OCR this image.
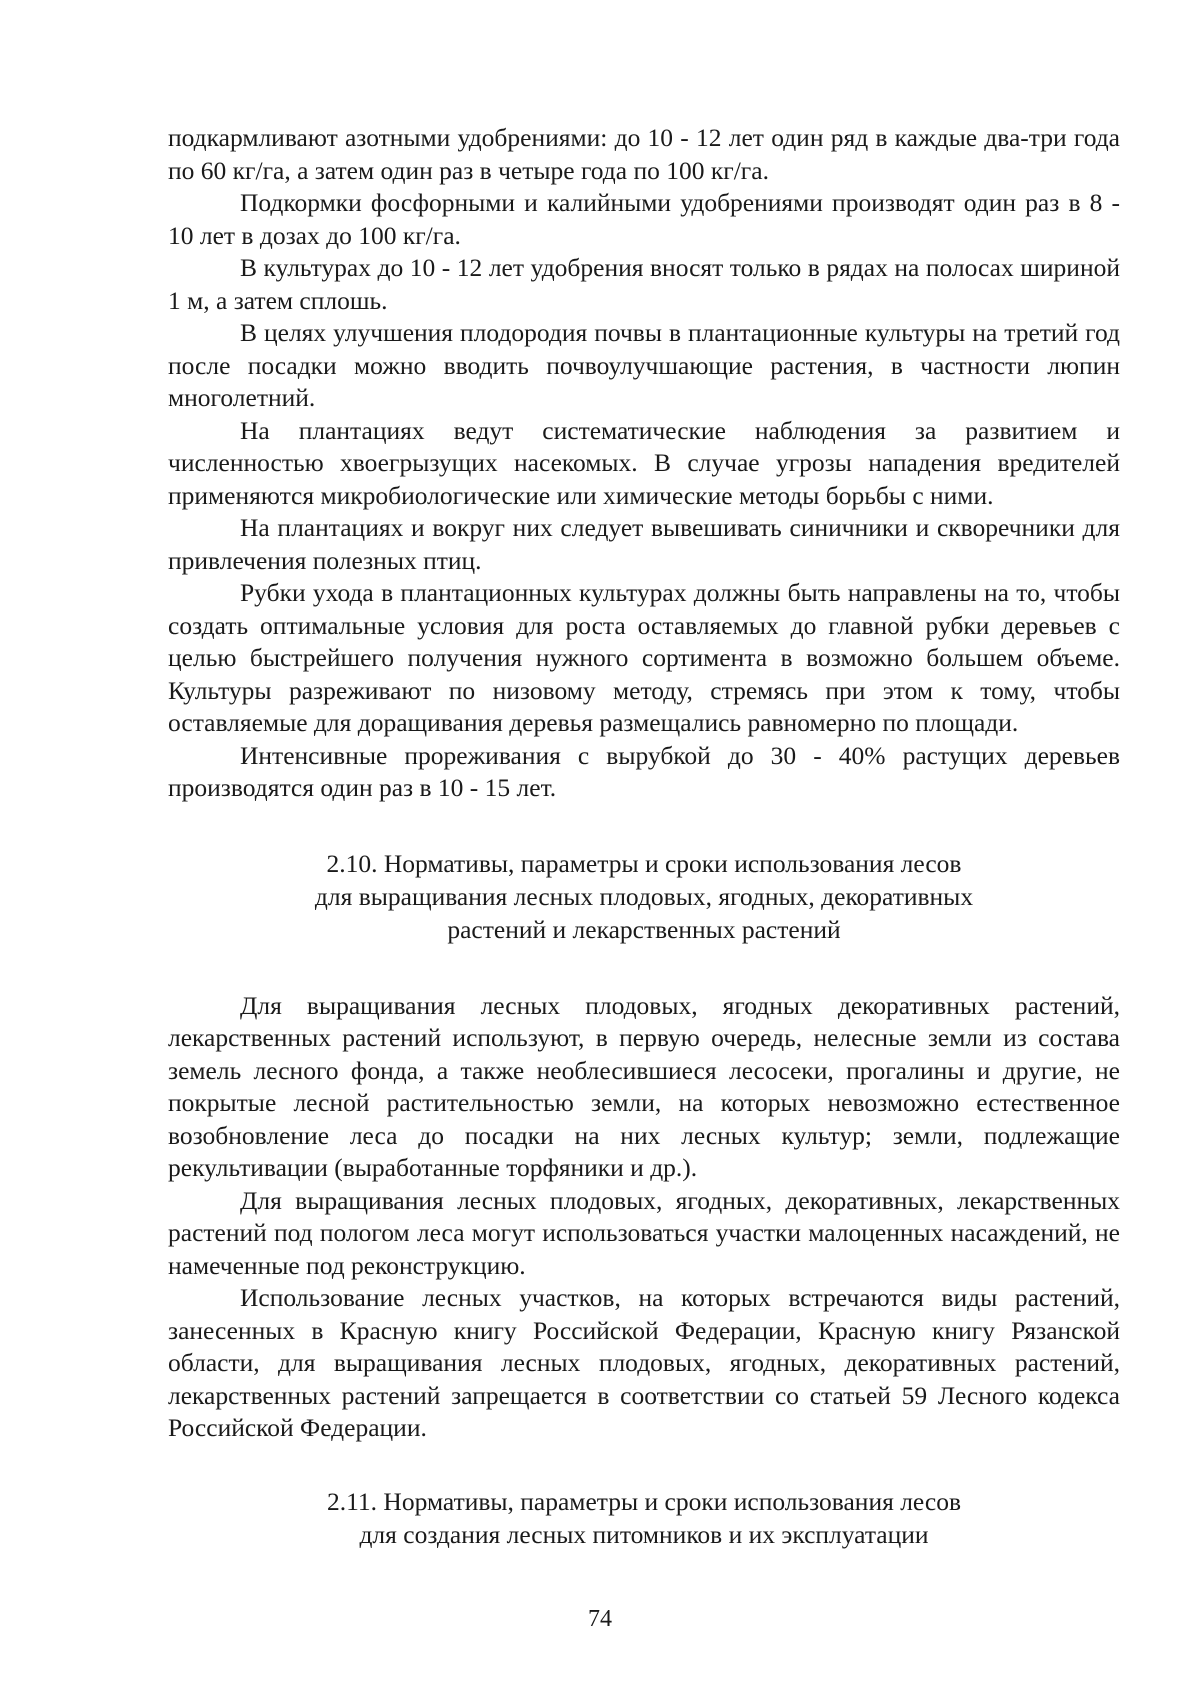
подкармливают азотными удобрениями: до 10 - 12 лет один ряд в каждые два-три года по 60 кг/га, а затем один раз в четыре года по 100 кг/га.

Подкормки фосфорными и калийными удобрениями производят один раз в 8 - 10 лет в дозах до 100 кг/га.

В культурах до 10 - 12 лет удобрения вносят только в рядах на полосах шириной 1 м, а затем сплошь.

В целях улучшения плодородия почвы в плантационные культуры на третий год после посадки можно вводить почвоулучшающие растения, в частности люпин многолетний.

На плантациях ведут систематические наблюдения за развитием и численностью хвоегрызущих насекомых. В случае угрозы нападения вредителей применяются микробиологические или химические методы борьбы с ними.

На плантациях и вокруг них следует вывешивать синичники и скворечники для привлечения полезных птиц.

Рубки ухода в плантационных культурах должны быть направлены на то, чтобы создать оптимальные условия для роста оставляемых до главной рубки деревьев с целью быстрейшего получения нужного сортимента в возможно большем объеме. Культуры разреживают по низовому методу, стремясь при этом к тому, чтобы оставляемые для доращивания деревья размещались равномерно по площади.

Интенсивные прореживания с вырубкой до 30 - 40% растущих деревьев производятся один раз в 10 - 15 лет.

2.10. Нормативы, параметры и сроки использования лесов
для выращивания лесных плодовых, ягодных, декоративных
растений и лекарственных растений

Для выращивания лесных плодовых, ягодных декоративных растений, лекарственных растений используют, в первую очередь, нелесные земли из состава земель лесного фонда, а также необлесившиеся лесосеки, прогалины и другие, не покрытые лесной растительностью земли, на которых невозможно естественное возобновление леса до посадки на них лесных культур; земли, подлежащие рекультивации (выработанные торфяники и др.).

Для выращивания лесных плодовых, ягодных, декоративных, лекарственных растений под пологом леса могут использоваться участки малоценных насаждений, не намеченные под реконструкцию.

Использование лесных участков, на которых встречаются виды растений, занесенных в Красную книгу Российской Федерации, Красную книгу Рязанской области, для выращивания лесных плодовых, ягодных, декоративных растений, лекарственных растений запрещается в соответствии со статьей 59 Лесного кодекса Российской Федерации.

2.11. Нормативы, параметры и сроки использования лесов
для создания лесных питомников и их эксплуатации
74
